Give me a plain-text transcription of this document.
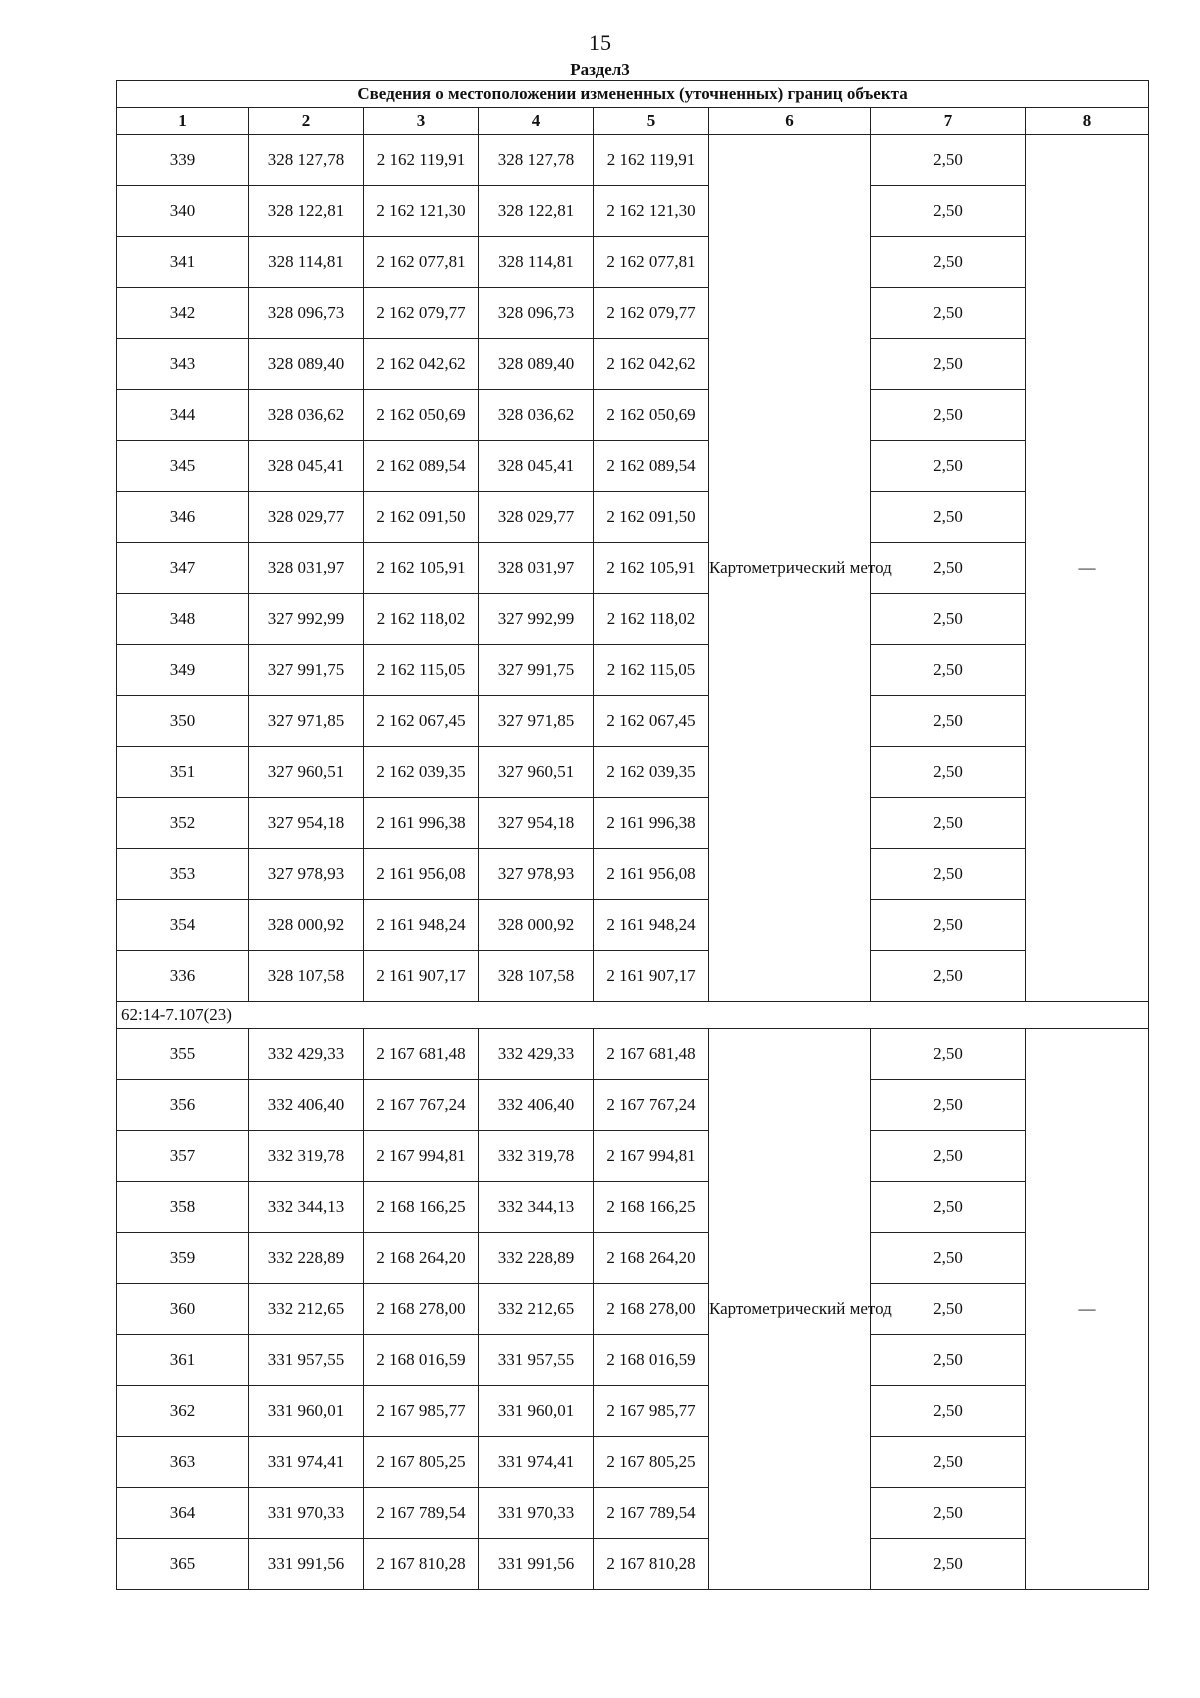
15
Раздел3
Сведения о местоположении измененных (уточненных) границ объекта							
1	2	3	4	5	6	7	8
339	328 127,78	2 162 119,91	328 127,78	2 162 119,91	Картометрический метод	2,50	—
340	328 122,81	2 162 121,30	328 122,81	2 162 121,30		2,50	
341	328 114,81	2 162 077,81	328 114,81	2 162 077,81		2,50	
342	328 096,73	2 162 079,77	328 096,73	2 162 079,77		2,50	
343	328 089,40	2 162 042,62	328 089,40	2 162 042,62		2,50	
344	328 036,62	2 162 050,69	328 036,62	2 162 050,69		2,50	
345	328 045,41	2 162 089,54	328 045,41	2 162 089,54		2,50	
346	328 029,77	2 162 091,50	328 029,77	2 162 091,50		2,50	
347	328 031,97	2 162 105,91	328 031,97	2 162 105,91		2,50	
348	327 992,99	2 162 118,02	327 992,99	2 162 118,02		2,50	
349	327 991,75	2 162 115,05	327 991,75	2 162 115,05		2,50	
350	327 971,85	2 162 067,45	327 971,85	2 162 067,45		2,50	
351	327 960,51	2 162 039,35	327 960,51	2 162 039,35		2,50	
352	327 954,18	2 161 996,38	327 954,18	2 161 996,38		2,50	
353	327 978,93	2 161 956,08	327 978,93	2 161 956,08		2,50	
354	328 000,92	2 161 948,24	328 000,92	2 161 948,24		2,50	
336	328 107,58	2 161 907,17	328 107,58	2 161 907,17		2,50	
62:14-7.107(23)							
355	332 429,33	2 167 681,48	332 429,33	2 167 681,48	Картометрический метод	2,50	—
356	332 406,40	2 167 767,24	332 406,40	2 167 767,24		2,50	
357	332 319,78	2 167 994,81	332 319,78	2 167 994,81		2,50	
358	332 344,13	2 168 166,25	332 344,13	2 168 166,25		2,50	
359	332 228,89	2 168 264,20	332 228,89	2 168 264,20		2,50	
360	332 212,65	2 168 278,00	332 212,65	2 168 278,00		2,50	
361	331 957,55	2 168 016,59	331 957,55	2 168 016,59		2,50	
362	331 960,01	2 167 985,77	331 960,01	2 167 985,77		2,50	
363	331 974,41	2 167 805,25	331 974,41	2 167 805,25		2,50	
364	331 970,33	2 167 789,54	331 970,33	2 167 789,54		2,50	
365	331 991,56	2 167 810,28	331 991,56	2 167 810,28		2,50	
